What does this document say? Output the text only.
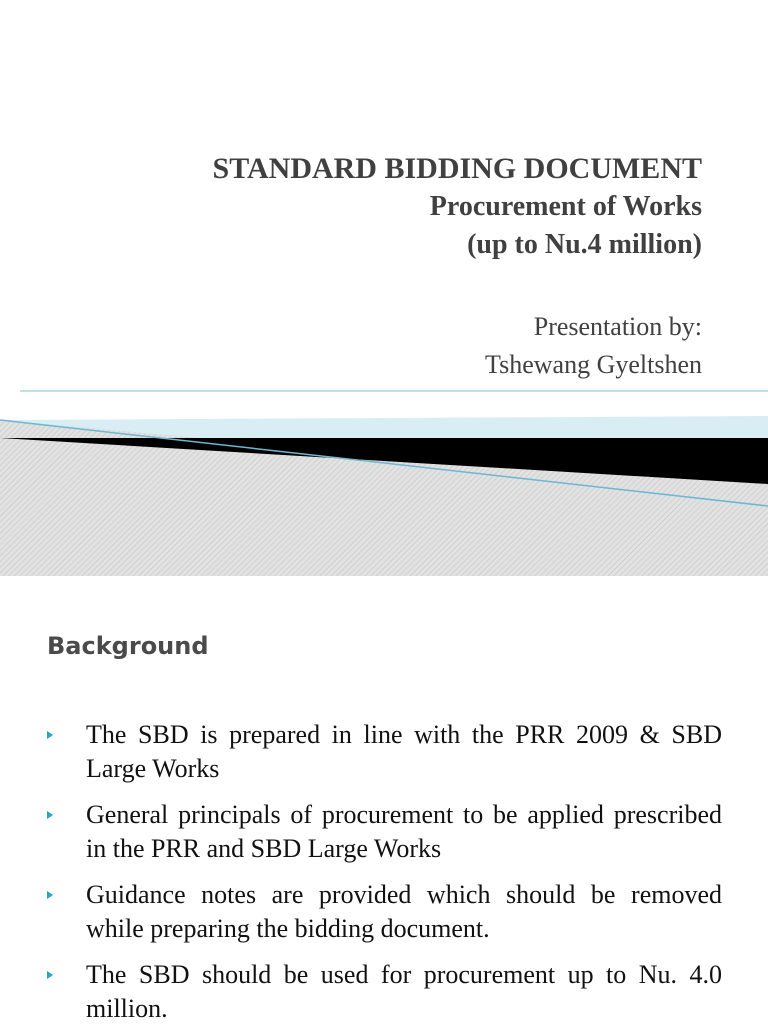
STANDARD BIDDING DOCUMENT
Procurement of Works
(up to Nu.4 million)
Presentation by:
Tshewang Gyeltshen
Background
The SBD is prepared in line with the PRR 2009 & SBD Large Works
General principals of procurement to be applied prescribed in the PRR and SBD Large Works
Guidance notes are provided which should be removed while preparing the bidding document.
The SBD should be used for procurement up to Nu. 4.0 million.
